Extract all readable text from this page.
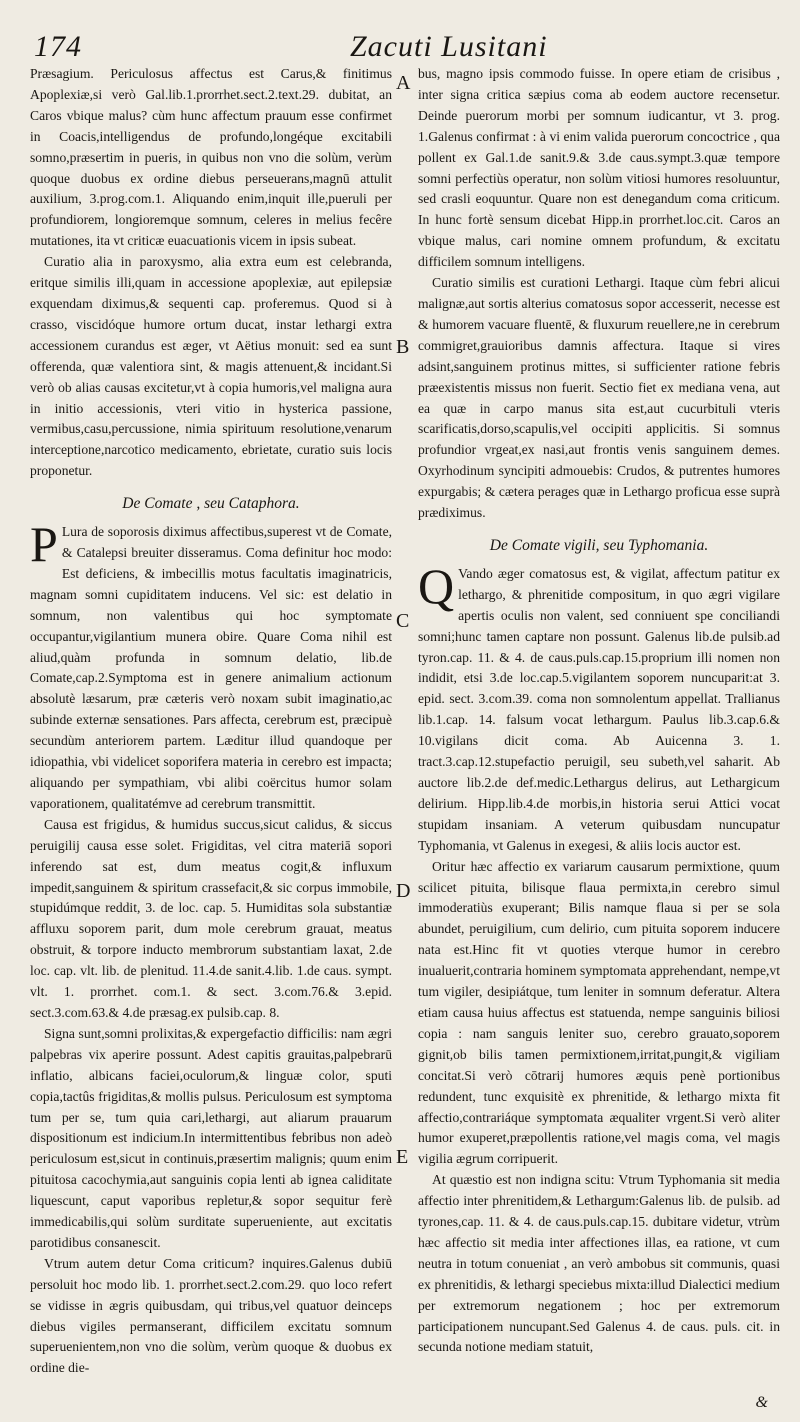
174	Zacuti Lusitani
A
B
C
D
E

Præsagium. Periculosus affectus est Carus,& finitimus Apoplexiæ,si verò Gal.lib.1.prorrhet.sect.2.text.29. dubitat, an Caros vbique malus? cùm hunc affectum prauum esse confirmet in Coacis,intelligendus de profundo,longéque excitabili somno,præsertim in pueris, in quibus non vno die solùm, verùm quoque duobus ex ordine diebus perseuerans,magnū attulit auxilium, 3.prog.com.1. Aliquando enim,inquit ille,pueruli per profundiorem, longioremque somnum, celeres in melius fecêre mutationes, ita vt criticæ euacuationis vicem in ipsis subeat.

Curatio alia in paroxysmo, alia extra eum est celebranda, eritque similis illi,quam in accessione apoplexiæ, aut epilepsiæ exquendam diximus,& sequenti cap. proferemus. Quod si à crasso, viscidóque humore ortum ducat, instar lethargi extra accessionem curandus est æger, vt Aëtius monuit: sed ea sunt offerenda, quæ valentiora sint, & magis attenuent,& incidant.Si verò ob alias causas excitetur,vt à copia humoris,vel maligna aura in initio accessionis, vteri vitio in hysterica passione, vermibus,casu,percussione, nimia spirituum resolutione,venarum interceptione,narcotico medicamento, ebrietate, curatio suis locis proponetur.

De Comate , seu Cataphora.

P Lura de soporosis diximus affectibus,superest vt de Comate, & Catalepsi breuiter disseramus. Coma definitur hoc modo: Est deficiens, & imbecillis motus facultatis imaginatricis, magnam somni cupiditatem inducens. Vel sic: est delatio in somnum, non valentibus qui hoc symptomate occupantur,vigilantium munera obire. Quare Coma nihil est aliud,quàm profunda in somnum delatio, lib.de Comate,cap.2.Symptoma est in genere animalium actionum absolutè læsarum, præ cæteris verò noxam subit imaginatio,ac subinde externæ sensationes. Pars affecta, cerebrum est, præcipuè secundùm anteriorem partem. Læditur illud quandoque per idiopathia, vbi videlicet soporifera materia in cerebro est impacta; aliquando per sympathiam, vbi alibi coërcitus humor solam vaporationem, qualitatémve ad cerebrum transmittit.

Causa est frigidus, & humidus succus,sicut calidus, & siccus peruigilij causa esse solet. Frigiditas, vel citra materiā sopori inferendo sat est, dum meatus cogit,& influxum impedit,sanguinem & spiritum crassefacit,& sic corpus immobile, stupidúmque reddit, 3. de loc. cap. 5. Humiditas sola substantiæ affluxu soporem parit, dum mole cerebrum grauat, meatus obstruit, & torpore inducto membrorum substantiam laxat, 2.de loc. cap. vlt. lib. de plenitud. 11.4.de sanit.4.lib. 1.de caus. sympt. vlt. 1. prorrhet. com.1. & sect. 3.com.76.& 3.epid. sect.3.com.63.& 4.de præsag.ex pulsib.cap. 8.

Signa sunt,somni prolixitas,& expergefactio difficilis: nam ægri palpebras vix aperire possunt. Adest capitis grauitas,palpebrarū inflatio, albicans faciei,oculorum,& linguæ color, sputi copia,tactûs frigiditas,& mollis pulsus. Periculosum est symptoma tum per se, tum quia cari,lethargi, aut aliarum prauarum dispositionum est indicium.In intermittentibus febribus non adeò periculosum est,sicut in continuis,præsertim malignis; quum enim pituitosa cacochymia,aut sanguinis copia lenti ab ignea caliditate liquescunt, caput vaporibus repletur,& sopor sequitur ferè immedicabilis,qui solùm surditate superueniente, aut excitatis parotidibus consanescit.

Vtrum autem detur Coma criticum? inquires.Galenus dubiū persoluit hoc modo lib. 1. prorrhet.sect.2.com.29. quo loco refert se vidisse in ægris quibusdam, qui tribus,vel quatuor deinceps diebus vigiles permanserant, difficilem excitatu somnum superuenientem,non vno die solùm, verùm quoque & duobus ex ordine die-

bus, magno ipsis commodo fuisse. In opere etiam de crisibus , inter signa critica sæpius coma ab eodem auctore recensetur. Deinde puerorum morbi per somnum iudicantur, vt 3. prog. 1.Galenus confirmat : à vi enim valida puerorum concoctrice , qua pollent ex Gal.1.de sanit.9.& 3.de caus.sympt.3.quæ tempore somni perfectiùs operatur, non solùm vitiosi humores resoluuntur, sed crasli eoquuntur. Quare non est denegandum coma criticum. In hunc fortè sensum dicebat Hipp.in prorrhet.loc.cit. Caros an vbique malus, cari nomine omnem profundum, & excitatu difficilem somnum intelligens.

Curatio similis est curationi Lethargi. Itaque cùm febri alicui malignæ,aut sortis alterius comatosus sopor accesserit, necesse est & humorem vacuare fluentē, & fluxurum reuellere,ne in cerebrum commigret,grauioribus damnis affectura. Itaque si vires adsint,sanguinem protinus mittes, si sufficienter ratione febris præexistentis missus non fuerit. Sectio fiet ex mediana vena, aut ea quæ in carpo manus sita est,aut cucurbituli vteris scarificatis,dorso,scapulis,vel occipiti applicitis. Si somnus profundior vrgeat,ex nasi,aut frontis venis sanguinem demes. Oxyrhodinum syncipiti admouebis: Crudos, & putrentes humores expurgabis; & cætera perages quæ in Lethargo proficua esse suprà prædiximus.

De Comate vigili, seu Typhomania.

Q Vando æger comatosus est, & vigilat, affectum patitur ex lethargo, & phrenitide compositum, in quo ægri vigilare apertis oculis non valent, sed conniuent spe conciliandi somni;hunc tamen captare non possunt. Galenus lib.de pulsib.ad tyron.cap. 11. & 4. de caus.puls.cap.15.proprium illi nomen non indidit, etsi 3.de loc.cap.5.vigilantem soporem nuncuparit:at 3. epid. sect. 3.com.39. coma non somnolentum appellat. Trallianus lib.1.cap. 14. falsum vocat lethargum. Paulus lib.3.cap.6.& 10.vigilans dicit coma. Ab Auicenna 3. 1. tract.3.cap.12.stupefactio peruigil, seu subeth,vel saharit. Ab auctore lib.2.de def.medic.Lethargus delirus, aut Lethargicum delirium. Hipp.lib.4.de morbis,in historia serui Attici vocat stupidam insaniam. A veterum quibusdam nuncupatur Typhomania, vt Galenus in exegesi, & aliis locis auctor est.

Oritur hæc affectio ex variarum causarum permixtione, quum scilicet pituita, bilisque flaua permixta,in cerebro simul immoderatiùs exuperant; Bilis namque flaua si per se sola abundet, peruigilium, cum delirio, cum pituita soporem inducere nata est.Hinc fit vt quoties vterque humor in cerebro inualuerit,contraria hominem symptomata apprehendant, nempe,vt tum vigiler, desipiátque, tum leniter in somnum deferatur. Altera etiam causa huius affectus est statuenda, nempe sanguinis biliosi copia : nam sanguis leniter suo, cerebro grauato,soporem gignit,ob bilis tamen permixtionem,irritat,pungit,& vigiliam concitat.Si verò cōtrarij humores æquis penè portionibus redundent, tunc exquisitè ex phrenitide, & lethargo mixta fit affectio,contrariáque symptomata æqualiter vrgent.Si verò aliter humor exuperet,præpollentis ratione,vel magis coma, vel magis vigilia ægrum corripuerit.

At quæstio est non indigna scitu: Vtrum Typhomania sit media affectio inter phrenitidem,& Lethargum:Galenus lib. de pulsib. ad tyrones,cap. 11. & 4. de caus.puls.cap.15. dubitare videtur, vtrùm hæc affectio sit media inter affectiones illas, ea ratione, vt cum neutra in totum conueniat , an verò ambobus sit communis, quasi ex phrenitidis, & lethargi speciebus mixta:illud Dialectici medium per extremorum negationem ; hoc per extremorum participationem nuncupant.Sed Galenus 4. de caus. puls. cit. in secunda notione mediam statuit,

&
